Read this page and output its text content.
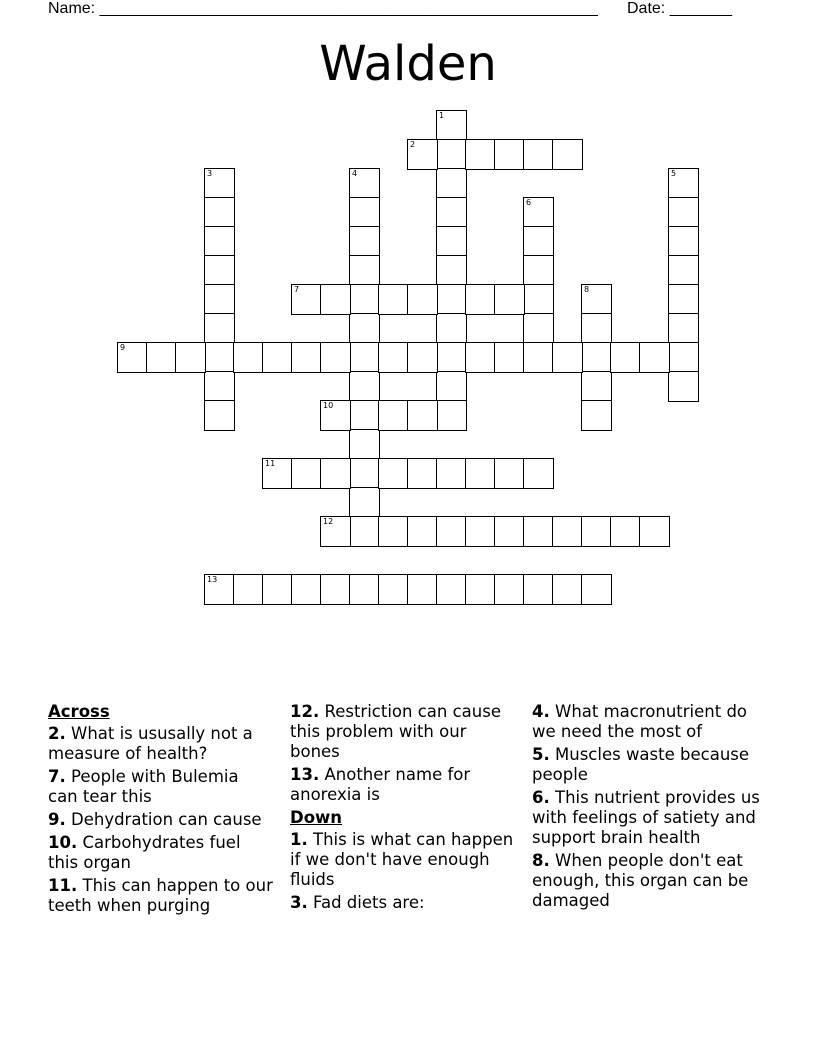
Name: ________________________________________________________ Date: _______
Walden
1
2
3	4	5
6
7	8
9
10
11
12
13
Across
2. What is ususally not a measure of health?
7. People with Bulemia can tear this
9. Dehydration can cause
10. Carbohydrates fuel this organ
11. This can happen to our teeth when purging
12. Restriction can cause this problem with our bones
13. Another name for anorexia is
Down
1. This is what can happen if we don't have enough fluids
3. Fad diets are:
4. What macronutrient do we need the most of
5. Muscles waste because people
6. This nutrient provides us with feelings of satiety and support brain health
8. When people don't eat enough, this organ can be damaged
